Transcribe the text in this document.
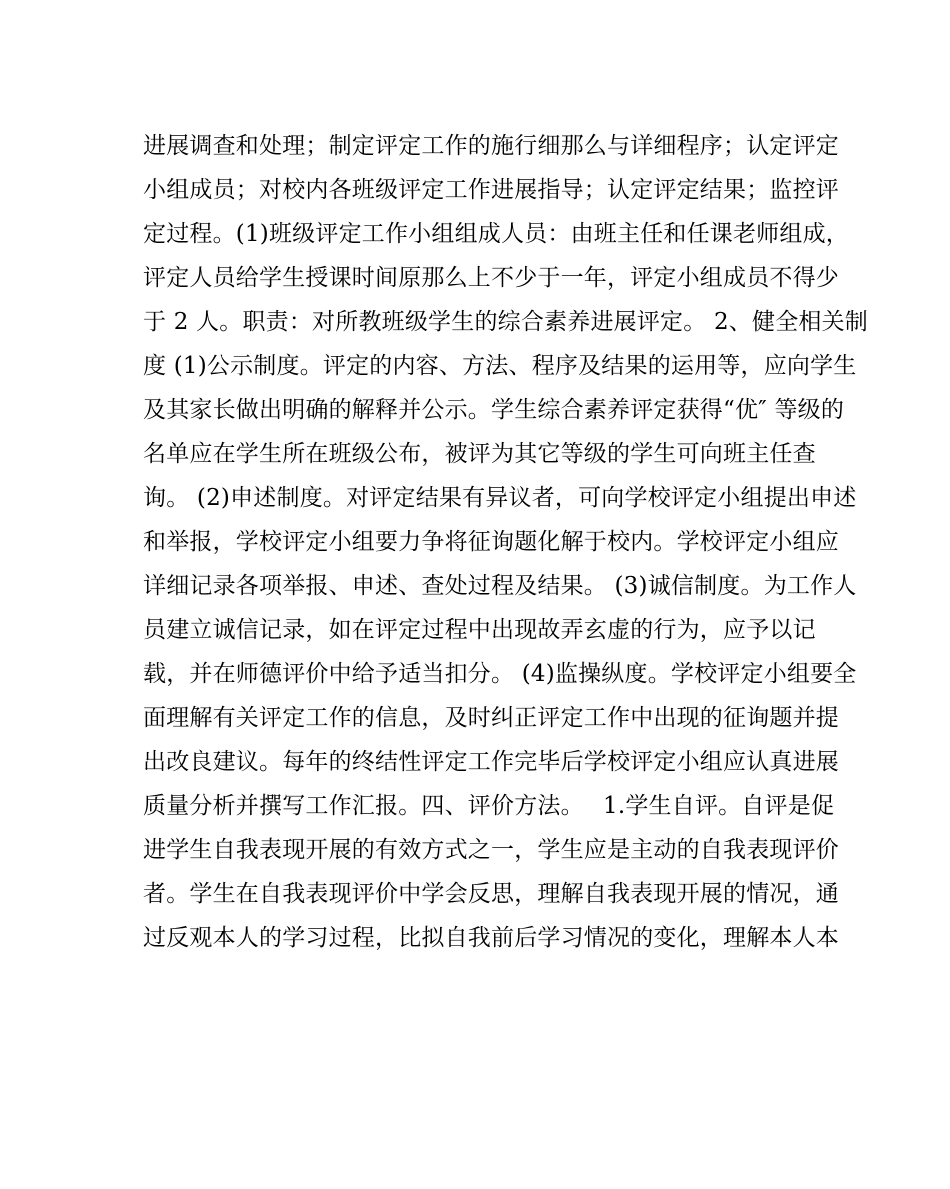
进展调查和处理；制定评定工作的施行细那么与详细程序；认定评定
小组成员；对校内各班级评定工作进展指导；认定评定结果；监控评
定过程。(1)班级评定工作小组组成人员：由班主任和任课老师组成，
评定人员给学生授课时间原那么上不少于一年，评定小组成员不得少
于 2 人。职责：对所教班级学生的综合素养进展评定。 2、健全相关制
度 (1)公示制度。评定的内容、方法、程序及结果的运用等，应向学生
及其家长做出明确的解释并公示。学生综合素养评定获得“优″ 等级的
名单应在学生所在班级公布，被评为其它等级的学生可向班主任查
询。 (2)申述制度。对评定结果有异议者，可向学校评定小组提出申述
和举报，学校评定小组要力争将征询题化解于校内。学校评定小组应
详细记录各项举报、申述、查处过程及结果。 (3)诚信制度。为工作人
员建立诚信记录，如在评定过程中出现故弄玄虚的行为，应予以记
载，并在师德评价中给予适当扣分。 (4)监操纵度。学校评定小组要全
面理解有关评定工作的信息，及时纠正评定工作中出现的征询题并提
出改良建议。每年的终结性评定工作完毕后学校评定小组应认真进展
质量分析并撰写工作汇报。四、评价方法。　 1.学生自评。自评是促
进学生自我表现开展的有效方式之一，学生应是主动的自我表现评价
者。学生在自我表现评价中学会反思，理解自我表现开展的情况，通
过反观本人的学习过程，比拟自我前后学习情况的变化，理解本人本
